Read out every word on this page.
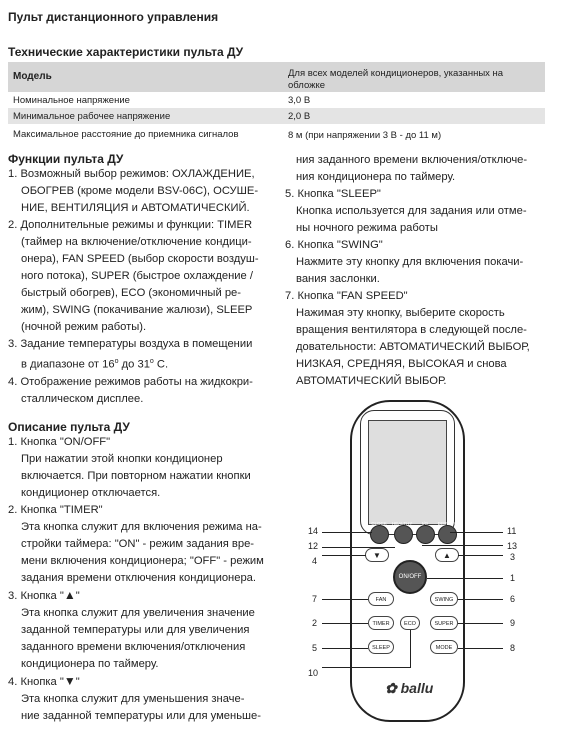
Пульт дистанционного управления
Технические характеристики пульта ДУ
Модель	Для всех моделей кондиционеров, указанных на обложке
Номинальное напряжение	3,0 В
Минимальное рабочее напряжение	2,0 В
Максимальное расстояние до приемника сигналов	8 м (при напряжении 3 В - до 11 м)
Функции пульта ДУ
1. Возможный выбор режимов: ОХЛАЖДЕНИЕ,
ОБОГРЕВ (кроме модели BSV-06C), ОСУШЕ-
НИЕ, ВЕНТИЛЯЦИЯ и АВТОМАТИЧЕСКИЙ.
2. Дополнительные режимы и функции: TIMER
(таймер на включение/отключение кондици-
онера), FAN SPEED (выбор скорости воздуш-
ного потока), SUPER (быстрое охлаждение /
быстрый обогрев), ECO (экономичный ре-
жим), SWING (покачивание жалюзи), SLEEP
(ночной режим работы).
3. Задание температуры воздуха в помещении
в диапазоне от 16$^o$ до 31$^o$ С.
4. Отображение режимов работы на жидкокри-
сталлическом дисплее.
Описание пульта ДУ
1. Кнопка "ON/OFF"
При нажатии этой кнопки кондиционер
включается. При повторном нажатии кнопки
кондиционер отключается.
2. Кнопка "TIMER"
Эта кнопка служит для включения режима на-
стройки таймера: "ON" - режим задания вре-
мени включения кондиционера; "OFF" - режим
задания времени отключения кондиционера.
3. Кнопка "▲"
Эта кнопка служит для увеличения значение
заданной температуры или для увеличения
заданного времени включения/отключения
кондиционера по таймеру.
4. Кнопка "▼"
Эта кнопка служит для уменьшения значе-
ние заданной температуры или для уменьше-
ния заданного времени включения/отключе-
ния кондиционера по таймеру.
5. Кнопка "SLEEP"
Кнопка используется для задания или отме-
ны ночного режима работы
6. Кнопка "SWING"
Нажмите эту кнопку для включения покачи-
вания заслонки.
7. Кнопка "FAN SPEED"
Нажимая эту кнопку, выберите скорость
вращения вентилятора в следующей после-
довательности: АВТОМАТИЧЕСКИЙ ВЫБОР,
НИЗКАЯ, СРЕДНЯЯ, ВЫСОКАЯ и снова
АВТОМАТИЧЕСКИЙ ВЫБОР.
CLOCK	HEALTHY	I/O	DISPLAY
▼	▲
ON/OFF
FAN	SWING
TIMER	ECO	SUPER
SLEEP	MODE
✿ ballu
14
12
4
7
2
5
10
11
13
3
1
6
9
8
